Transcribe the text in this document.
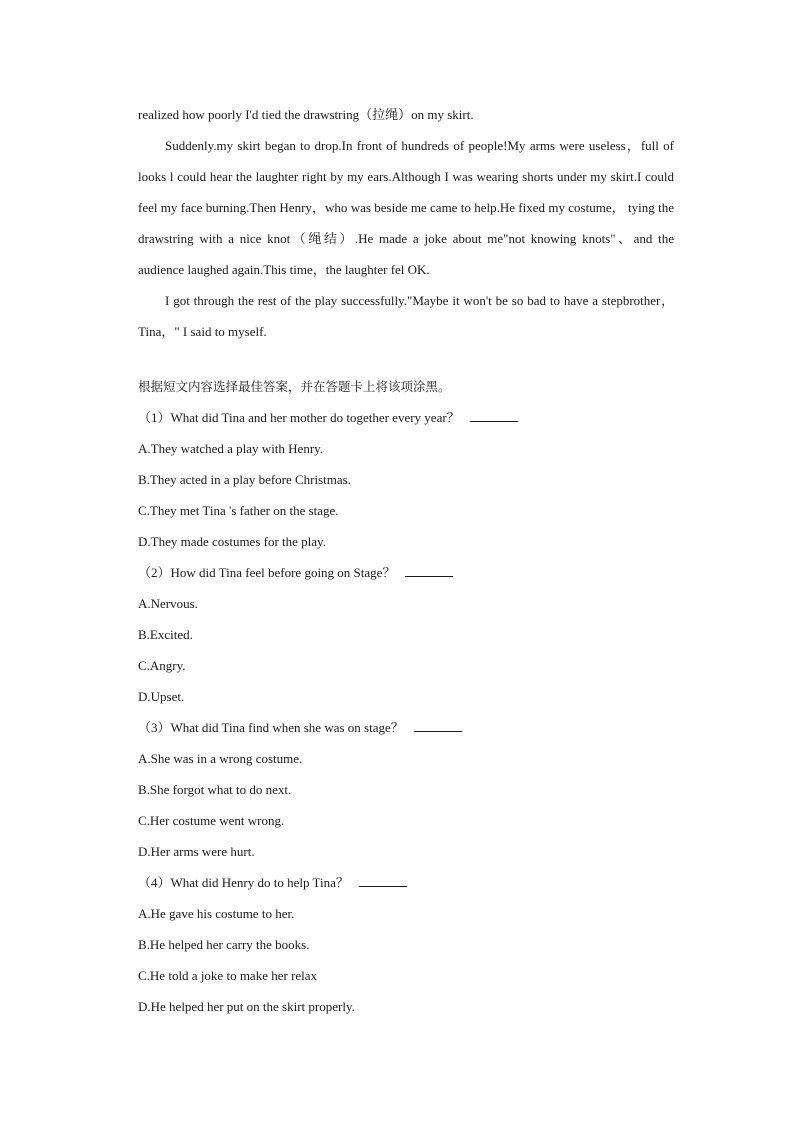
realized how poorly I'd tied the drawstring（拉绳）on my skirt.

Suddenly.my skirt began to drop.In front of hundreds of people!My arms were useless，full of looks l could hear the laughter right by my ears.Although I was wearing shorts under my skirt.I could feel my face burning.Then Henry，who was beside me came to help.He fixed my costume， tying the drawstring with a nice knot（绳结）.He made a joke about me"not knowing knots"、and the audience laughed again.This time，the laughter fel OK.

I got through the rest of the play successfully."Maybe it won't be so bad to have a stepbrother，Tina，" I said to myself.

根据短文内容选择最佳答案，并在答题卡上将该项涂黑。
（1）What did Tina and her mother do together every year？
A.They watched a play with Henry.
B.They acted in a play before Christmas.
C.They met Tina 's father on the stage.
D.They made costumes for the play.
（2）How did Tina feel before going on Stage？
A.Nervous.
B.Excited.
C.Angry.
D.Upset.
（3）What did Tina find when she was on stage？
A.She was in a wrong costume.
B.She forgot what to do next.
C.Her costume went wrong.
D.Her arms were hurt.
（4）What did Henry do to help Tina？
A.He gave his costume to her.
B.He helped her carry the books.
C.He told a joke to make her relax
D.He helped her put on the skirt properly.
